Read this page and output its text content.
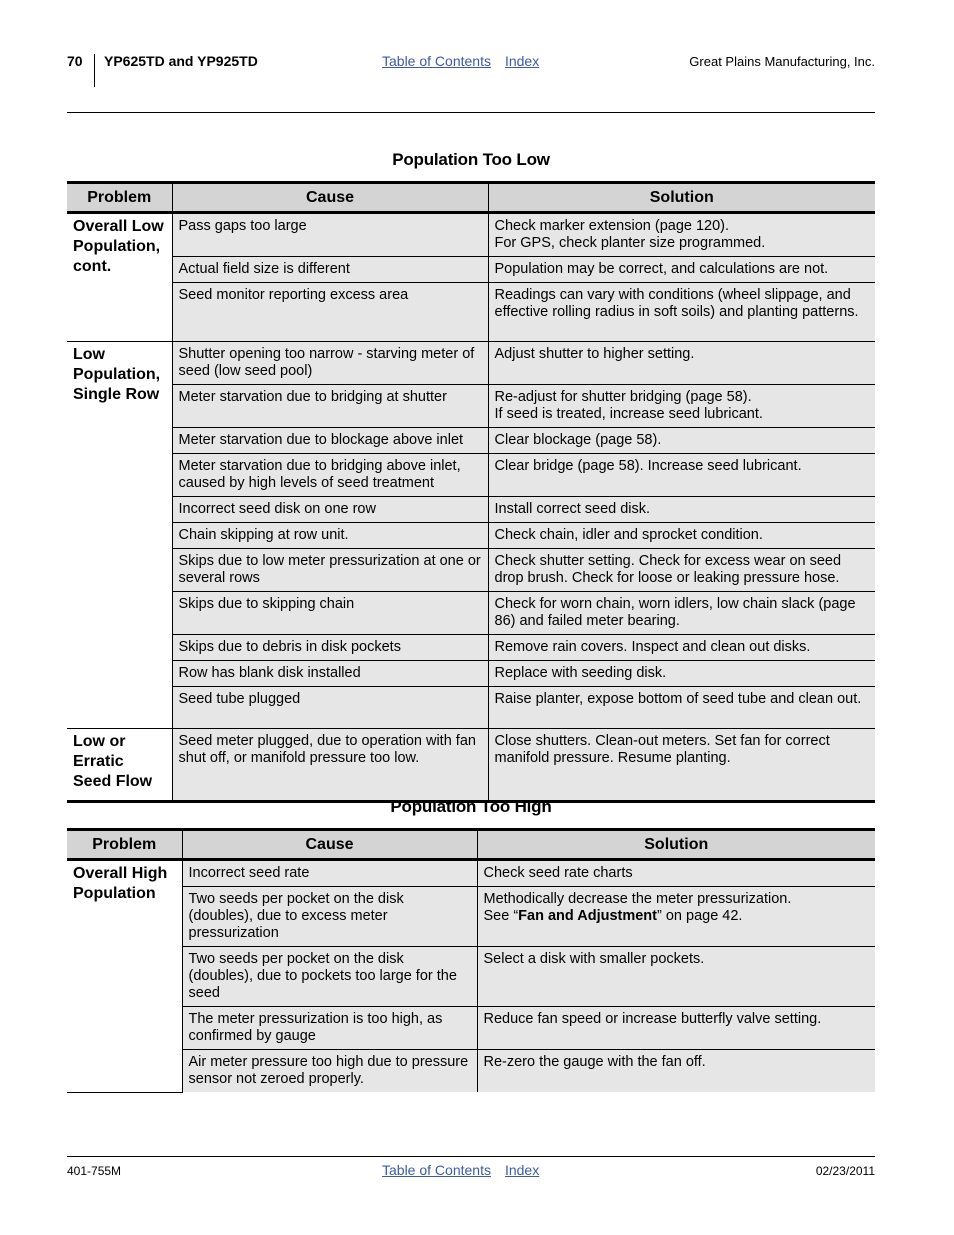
70 YP625TD and YP925TD	Table of Contents Index	Great Plains Manufacturing, Inc.
Population Too Low
Problem	Cause	Solution
Overall Low Population, cont.	Pass gaps too large	Check marker extension (page 120).
For GPS, check planter size programmed.

	Actual field size is different	Population may be correct, and calculations are not.

	Seed monitor reporting excess area	Readings can vary with conditions (wheel slippage, and effective rolling radius in soft soils) and planting patterns.

Low Population, Single Row	Shutter opening too narrow - starving meter of seed (low seed pool)	Adjust shutter to higher setting.

	Meter starvation due to bridging at shutter	Re-adjust for shutter bridging (page 58).
If seed is treated, increase seed lubricant.

	Meter starvation due to blockage above inlet	Clear blockage (page 58).

	Meter starvation due to bridging above inlet, caused by high levels of seed treatment	Clear bridge (page 58). Increase seed lubricant.

	Incorrect seed disk on one row	Install correct seed disk.

	Chain skipping at row unit.	Check chain, idler and sprocket condition.

	Skips due to low meter pressurization at one or several rows	Check shutter setting. Check for excess wear on seed drop brush. Check for loose or leaking pressure hose.

	Skips due to skipping chain	Check for worn chain, worn idlers, low chain slack (page 86) and failed meter bearing.

	Skips due to debris in disk pockets	Remove rain covers. Inspect and clean out disks.

	Row has blank disk installed	Replace with seeding disk.

	Seed tube plugged	Raise planter, expose bottom of seed tube and clean out.

Low or Erratic Seed Flow	Seed meter plugged, due to operation with fan shut off, or manifold pressure too low.	Close shutters. Clean-out meters. Set fan for correct manifold pressure. Resume planting.
Population Too High
Problem	Cause	Solution
Overall High Population	Incorrect seed rate	Check seed rate charts

	Two seeds per pocket on the disk (doubles), due to excess meter pressurization	Methodically decrease the meter pressurization.
See “Fan and Adjustment” on page 42.

	Two seeds per pocket on the disk (doubles), due to pockets too large for the seed	Select a disk with smaller pockets.

	The meter pressurization is too high, as confirmed by gauge	Reduce fan speed or increase butterfly valve setting.

	Air meter pressure too high due to pressure sensor not zeroed properly.	Re-zero the gauge with the fan off.
401-755M	Table of Contents Index	02/23/2011
